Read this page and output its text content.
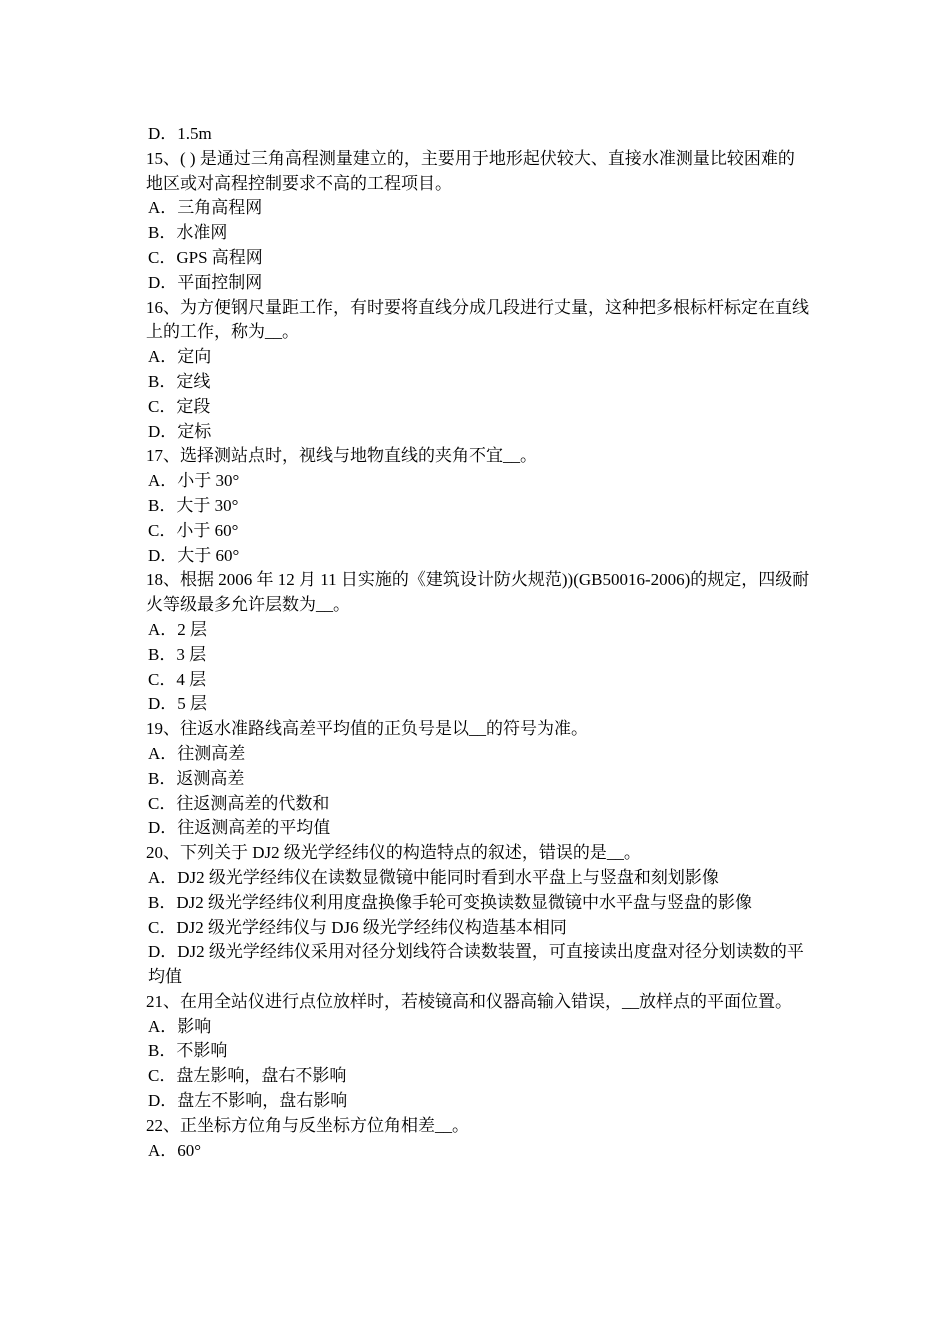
D．1.5m

15、( ) 是通过三角高程测量建立的，主要用于地形起伏较大、直接水准测量比较困难的地区或对高程控制要求不高的工程项目。

A．三角高程网

B．水准网

C．GPS 高程网

D．平面控制网

16、为方便钢尺量距工作，有时要将直线分成几段进行丈量，这种把多根标杆标定在直线上的工作，称为__。

A．定向

B．定线

C．定段

D．定标

17、选择测站点时，视线与地物直线的夹角不宜__。

A．小于 30°

B．大于 30°

C．小于 60°

D．大于 60°

18、根据 2006 年 12 月 11 日实施的《建筑设计防火规范))(GB50016-2006)的规定，四级耐火等级最多允许层数为__。

A．2 层

B．3 层

C．4 层

D．5 层

19、往返水准路线高差平均值的正负号是以__的符号为准。

A．往测高差

B．返测高差

C．往返测高差的代数和

D．往返测高差的平均值

20、下列关于 DJ2 级光学经纬仪的构造特点的叙述，错误的是__。

A．DJ2 级光学经纬仪在读数显微镜中能同时看到水平盘上与竖盘和刻划影像

B．DJ2 级光学经纬仪利用度盘换像手轮可变换读数显微镜中水平盘与竖盘的影像

C．DJ2 级光学经纬仪与 DJ6 级光学经纬仪构造基本相同

D．DJ2 级光学经纬仪采用对径分划线符合读数装置，可直接读出度盘对径分划读数的平均值

21、在用全站仪进行点位放样时，若棱镜高和仪器高输入错误，__放样点的平面位置。

A．影响

B．不影响

C．盘左影响，盘右不影响

D．盘左不影响，盘右影响

22、正坐标方位角与反坐标方位角相差__。

A．60°
